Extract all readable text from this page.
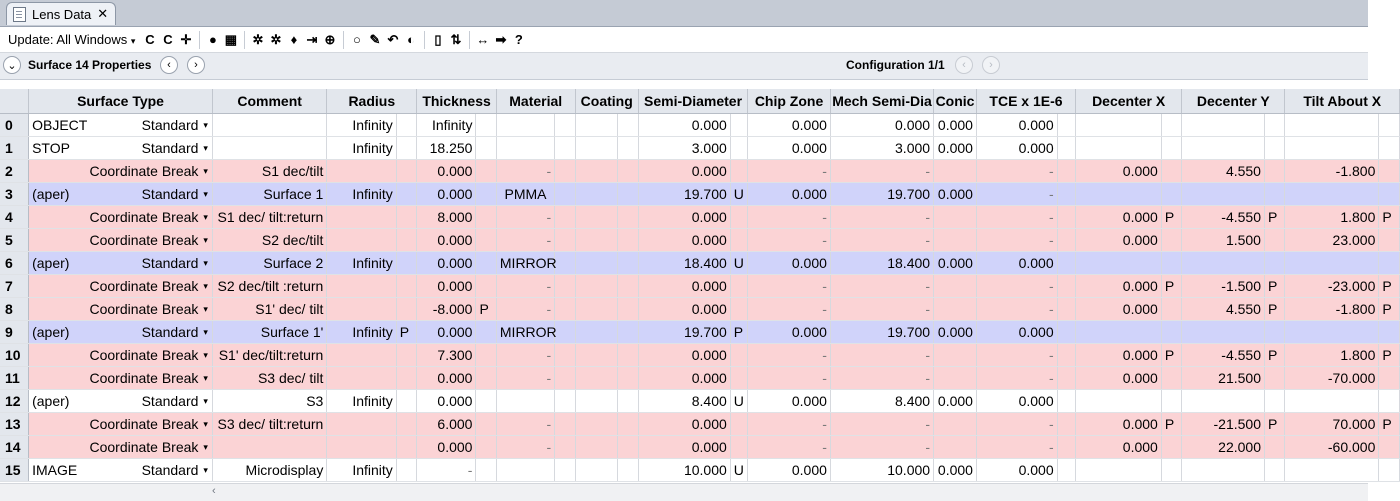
Lens Data ✕
Update: All Windows ▾ C C ✛	● ▦ ✲ ✲ ♦ ⇥ ⊕	○ ✎ ↶ ◐	▯ ⇅ ↔ ➡ ?
⌄ Surface 14 Properties ‹ ›	Configuration 1/1 ‹ ›
	Surface Type	Comment	Radius		Thickness		Material		Coating		Semi-Diameter		Chip Zone	Mech Semi-Dia	Conic	TCE x 1E-6		Decenter X		Decenter Y		Tilt About X	
0	OBJECT Standard ▾		Infinity		Infinity						0.000		0.000	0.000	0.000	0.000							
1	STOP Standard ▾		Infinity		18.250						3.000		0.000	3.000	0.000	0.000							
2	Coordinate Break ▾	S1 dec/tilt			0.000		-				0.000		-	-		-		0.000		4.550		-1.800	
3	(aper) Standard ▾	Surface 1	Infinity		0.000		PMMA				19.700	U	0.000	19.700	0.000	-							
4	Coordinate Break ▾	S1 dec/ tilt:return			8.000		-				0.000		-	-		-		0.000	P	-4.550	P	1.800	P
5	Coordinate Break ▾	S2 dec/tilt			0.000		-				0.000		-	-		-		0.000		1.500		23.000	
6	(aper) Standard ▾	Surface 2	Infinity		0.000		MIRROR				18.400	U	0.000	18.400	0.000	0.000							
7	Coordinate Break ▾	S2 dec/tilt :return			0.000		-				0.000		-	-		-		0.000	P	-1.500	P	-23.000	P
8	Coordinate Break ▾	S1' dec/ tilt			-8.000	P	-				0.000		-	-		-		0.000		4.550	P	-1.800	P
9	(aper) Standard ▾	Surface 1'	Infinity	P	0.000		MIRROR				19.700	P	0.000	19.700	0.000	0.000							
10	Coordinate Break ▾	S1' dec/tilt:return			7.300		-				0.000		-	-		-		0.000	P	-4.550	P	1.800	P
11	Coordinate Break ▾	S3 dec/ tilt			0.000		-				0.000		-	-		-		0.000		21.500		-70.000	
12	(aper) Standard ▾	S3	Infinity		0.000						8.400	U	0.000	8.400	0.000	0.000							
13	Coordinate Break ▾	S3 dec/ tilt:return			6.000		-				0.000		-	-		-		0.000	P	-21.500	P	70.000	P
14	Coordinate Break ▾				0.000		-				0.000		-	-		-		0.000		22.000		-60.000	
15	IMAGE Standard ▾	Microdisplay	Infinity		-						10.000	U	0.000	10.000	0.000	0.000							
‹
